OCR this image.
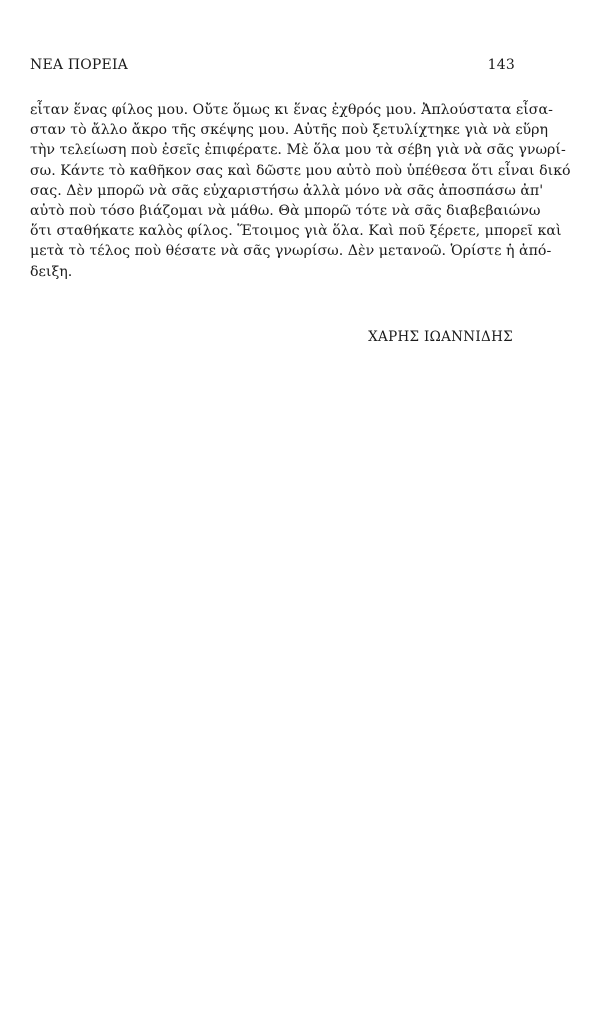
ΝΕΑ ΠΟΡΕΙΑ	143
εἶταν ἕνας φίλος μου. Οὔτε ὅμως κι ἕνας ἐχθρός μου. Ἀπλούστατα εἶσα-
σταν τὸ ἄλλο ἄκρο τῆς σκέψης μου. Αὐτῆς ποὺ ξετυλίχτηκε γιὰ νὰ εὕρη
τὴν τελείωση ποὺ ἐσεῖς ἐπιφέρατε. Μὲ ὅλα μου τὰ σέβη γιὰ νὰ σᾶς γνωρί-
σω. Κάντε τὸ καθῆκον σας καὶ δῶστε μου αὐτὸ ποὺ ὑπέθεσα ὅτι εἶναι δικό
σας. Δὲν μπορῶ νὰ σᾶς εὐχαριστήσω ἀλλὰ μόνο νὰ σᾶς ἀποσπάσω ἀπ'
αὐτὸ ποὺ τόσο βιάζομαι νὰ μάθω. Θὰ μπορῶ τότε νὰ σᾶς διαβεβαιώνω
ὅτι σταθήκατε καλὸς φίλος. Ἕτοιμος γιὰ ὅλα. Καὶ ποῦ ξέρετε, μπορεῖ καὶ
μετὰ τὸ τέλος ποὺ θέσατε νὰ σᾶς γνωρίσω. Δὲν μετανοῶ. Ὁρίστε ἡ ἀπό-
δειξη.
ΧΑΡΗΣ ΙΩΑΝΝΙΔΗΣ
